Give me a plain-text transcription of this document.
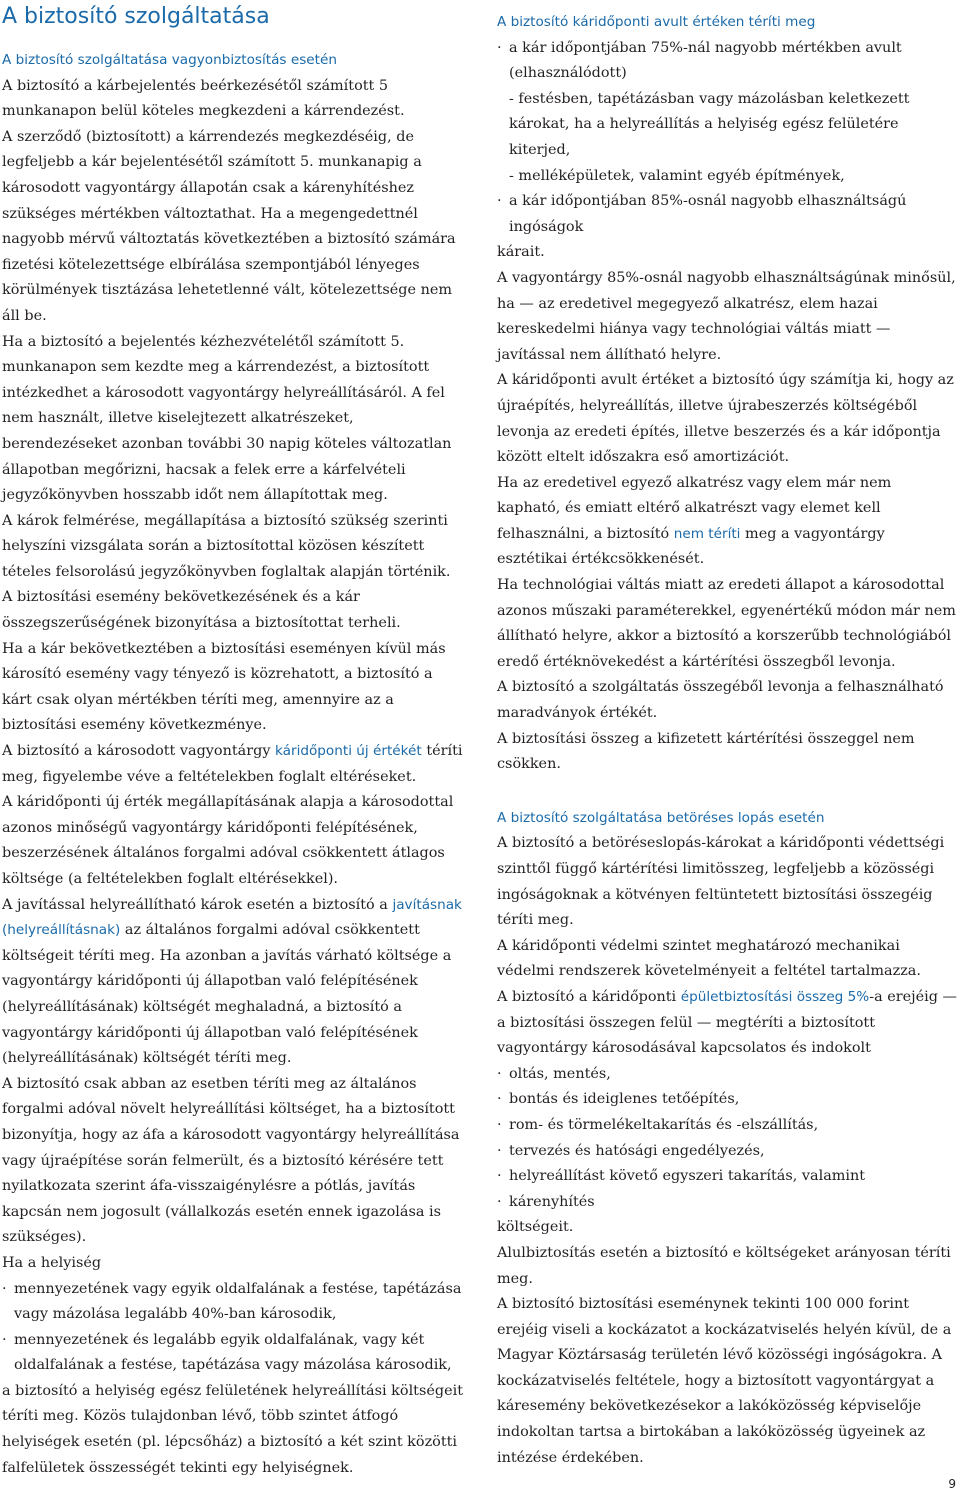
A biztosító szolgáltatása

A biztosító szolgáltatása vagyonbiztosítás esetén

A biztosító a kárbejelentés beérkezésétől számított 5 munkanapon belül köteles megkezdeni a kárrendezést.

A szerződő (biztosított) a kárrendezés megkezdéséig, de legfeljebb a kár bejelentésétől számított 5. munkanapig a károsodott vagyontárgy állapotán csak a kárenyhítéshez szükséges mértékben változtathat. Ha a megengedettnél nagyobb mérvű változtatás következtében a biztosító számára fizetési kötelezettsége elbírálása szempontjából lényeges körülmények tisztázása lehetetlenné vált, kötelezettsége nem áll be.

Ha a biztosító a bejelentés kézhezvételétől számított 5. munkanapon sem kezdte meg a kárrendezést, a biztosított intézkedhet a károsodott vagyontárgy helyreállításáról. A fel nem használt, illetve kiselejtezett alkatrészeket, berendezéseket azonban további 30 napig köteles változatlan állapotban megőrizni, hacsak a felek erre a kárfelvételi jegyzőkönyvben hosszabb időt nem állapítottak meg.

A károk felmérése, megállapítása a biztosító szükség szerinti helyszíni vizsgálata során a biztosítottal közösen készített tételes felsorolású jegyzőkönyvben foglaltak alapján történik.

A biztosítási esemény bekövetkezésének és a kár összegszerűségének bizonyítása a biztosítottat terheli.

Ha a kár bekövetkeztében a biztosítási eseményen kívül más károsító esemény vagy tényező is közrehatott, a biztosító a kárt csak olyan mértékben téríti meg, amennyire az a biztosítási esemény következménye.

A biztosító a károsodott vagyontárgy káridőponti új értékét téríti meg, figyelembe véve a feltételekben foglalt eltéréseket.

A káridőponti új érték megállapításának alapja a károsodottal azonos minőségű vagyontárgy káridőponti felépítésének, beszerzésének általános forgalmi adóval csökkentett átlagos költsége (a feltételekben foglalt eltérésekkel).

A javítással helyreállítható károk esetén a biztosító a javításnak (helyreállításnak) az általános forgalmi adóval csökkentett költségeit téríti meg. Ha azonban a javítás várható költsége a vagyontárgy káridőponti új állapotban való felépítésének (helyreállításának) költségét meghaladná, a biztosító a vagyontárgy káridőponti új állapotban való felépítésének (helyreállításának) költségét téríti meg.

A biztosító csak abban az esetben téríti meg az általános forgalmi adóval növelt helyreállítási költséget, ha a biztosított bizonyítja, hogy az áfa a károsodott vagyontárgy helyreállítása vagy újraépítése során felmerült, és a biztosító kérésére tett nyilatkozata szerint áfa-visszaigénylésre a pótlás, javítás kapcsán nem jogosult (vállalkozás esetén ennek igazolása is szükséges).

Ha a helyiség

· mennyezetének vagy egyik oldalfalának a festése, tapétázása vagy mázolása legalább 40%-ban károsodik,
· mennyezetének és legalább egyik oldalfalának, vagy két oldalfalának a festése, tapétázása vagy mázolása károsodik,

a biztosító a helyiség egész felületének helyreállítási költségeit téríti meg. Közös tulajdonban lévő, több szintet átfogó helyiségek esetén (pl. lépcsőház) a biztosító a két szint közötti falfelületek összességét tekinti egy helyiségnek.

A biztosító káridőponti avult értéken téríti meg

· a kár időpontjában 75%-nál nagyobb mértékben avult (elhasználódott)
- festésben, tapétázásban vagy mázolásban keletkezett károkat, ha a helyreállítás a helyiség egész felületére kiterjed,
- melléképületek, valamint egyéb építmények,
· a kár időpontjában 85%-osnál nagyobb elhasználtságú ingóságok

kárait.

A vagyontárgy 85%-osnál nagyobb elhasználtságúnak minősül, ha — az eredetivel megegyező alkatrész, elem hazai kereskedelmi hiánya vagy technológiai váltás miatt — javítással nem állítható helyre.

A káridőponti avult értéket a biztosító úgy számítja ki, hogy az újraépítés, helyreállítás, illetve újrabeszerzés költségéből levonja az eredeti építés, illetve beszerzés és a kár időpontja között eltelt időszakra eső amortizációt.

Ha az eredetivel egyező alkatrész vagy elem már nem kapható, és emiatt eltérő alkatrészt vagy elemet kell felhasználni, a biztosító nem téríti meg a vagyontárgy esztétikai értékcsökkenését.

Ha technológiai váltás miatt az eredeti állapot a károsodottal azonos műszaki paraméterekkel, egyenértékű módon már nem állítható helyre, akkor a biztosító a korszerűbb technológiából eredő értéknövekedést a kártérítési összegből levonja.

A biztosító a szolgáltatás összegéből levonja a felhasználható maradványok értékét.

A biztosítási összeg a kifizetett kártérítési összeggel nem csökken.

A biztosító szolgáltatása betöréses lopás esetén

A biztosító a betöréseslopás-károkat a káridőponti védettségi szinttől függő kártérítési limitösszeg, legfeljebb a közösségi ingóságoknak a kötvényen feltüntetett biztosítási összegéig téríti meg.

A káridőponti védelmi szintet meghatározó mechanikai védelmi rendszerek követelményeit a feltétel tartalmazza.

A biztosító a káridőponti épületbiztosítási összeg 5%-a erejéig — a biztosítási összegen felül — megtéríti a biztosított vagyontárgy károsodásával kapcsolatos és indokolt

· oltás, mentés,
· bontás és ideiglenes tetőépítés,
· rom- és törmelékeltakarítás és -elszállítás,
· tervezés és hatósági engedélyezés,
· helyreállítást követő egyszeri takarítás, valamint
· kárenyhítés

költségeit.

Alulbiztosítás esetén a biztosító e költségeket arányosan téríti meg.

A biztosító biztosítási eseménynek tekinti 100 000 forint erejéig viseli a kockázatot a kockázatviselés helyén kívül, de a Magyar Köztársaság területén lévő közösségi ingóságokra. A kockázatviselés feltétele, hogy a biztosított vagyontárgyat a káresemény bekövetkezésekor a lakóközösség képviselője indokoltan tartsa a birtokában a lakóközösség ügyeinek az intézése érdekében.

9
